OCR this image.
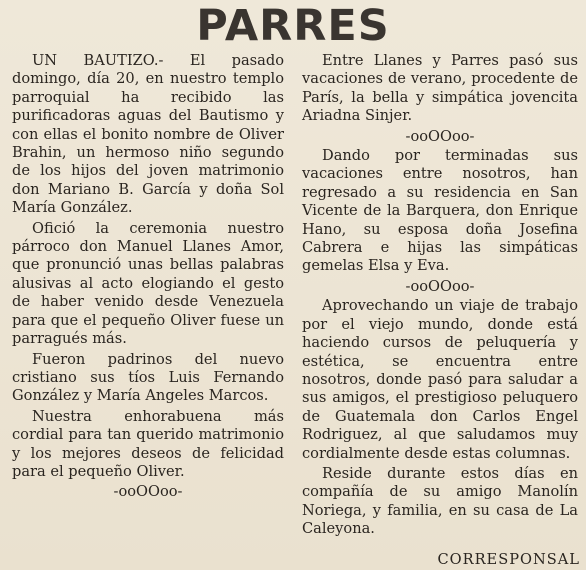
PARRES

UN BAUTIZO.- El pasado domingo, día 20, en nuestro templo parroquial ha recibido las purificadoras aguas del Bautismo y con ellas el bonito nombre de Oliver Brahin, un hermoso niño segundo de los hijos del joven matrimonio don Mariano B. García y doña Sol María González.

Ofició la ceremonia nuestro párroco don Manuel Llanes Amor, que pronunció unas bellas palabras alusivas al acto elogiando el gesto de haber venido desde Venezuela para que el pequeño Oliver fuese un parragués más.

Fueron padrinos del nuevo cristiano sus tíos Luis Fernando González y María Angeles Marcos.

Nuestra enhorabuena más cordial para tan querido matrimonio y los mejores deseos de felicidad para el pequeño Oliver.

-ooOOoo-

Entre Llanes y Parres pasó sus vacaciones de verano, procedente de París, la bella y simpática jovencita Ariadna Sinjer.

-ooOOoo-

Dando por terminadas sus vacaciones entre nosotros, han regresado a su residencia en San Vicente de la Barquera, don Enrique Hano, su esposa doña Josefina Cabrera e hijas las simpáticas gemelas Elsa y Eva.

-ooOOoo-

Aprovechando un viaje de trabajo por el viejo mundo, donde está haciendo cursos de peluquería y estética, se encuentra entre nosotros, donde pasó para saludar a sus amigos, el prestigioso peluquero de Guatemala don Carlos Engel Rodriguez, al que saludamos muy cordialmente desde estas columnas.

Reside durante estos días en compañía de su amigo Manolín Noriega, y familia, en su casa de La Caleyona.

CORRESPONSAL
